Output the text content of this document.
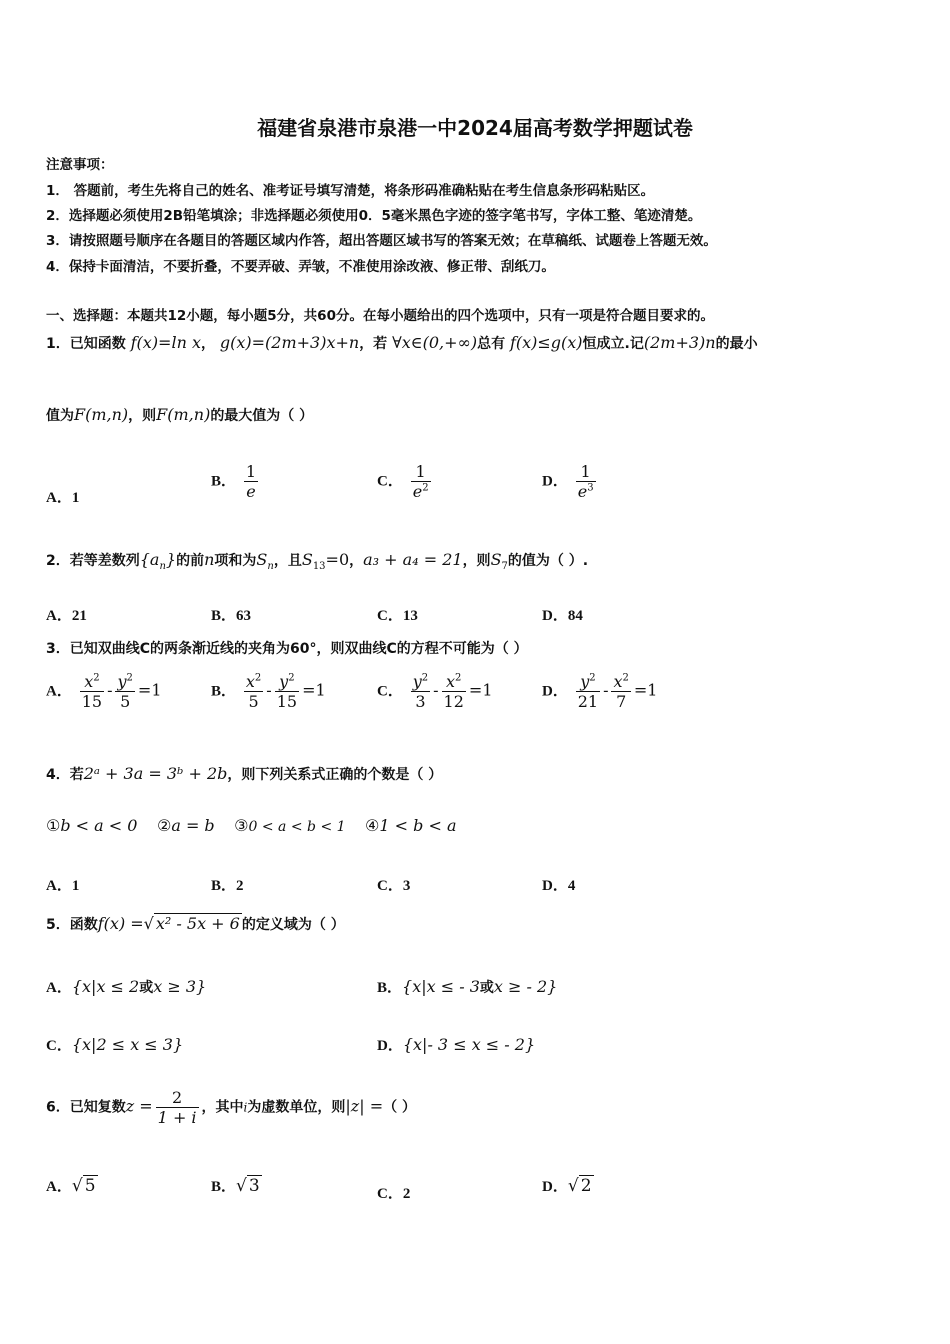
福建省泉港市泉港一中2024届高考数学押题试卷
注意事项：
1． 答题前，考生先将自己的姓名、准考证号填写清楚，将条形码准确粘贴在考生信息条形码粘贴区。
2．选择题必须使用2B铅笔填涂；非选择题必须使用0．5毫米黑色字迹的签字笔书写，字体工整、笔迹清楚。
3．请按照题号顺序在各题目的答题区域内作答，超出答题区域书写的答案无效；在草稿纸、试题卷上答题无效。
4．保持卡面清洁，不要折叠，不要弄破、弄皱，不准使用涂改液、修正带、刮纸刀。
一、选择题：本题共12小题，每小题5分，共60分。在每小题给出的四个选项中，只有一项是符合题目要求的。
1．已知函数 f(x)=ln x， g(x)=(2m+3)x+n，若 ∀x∈(0,+∞)总有 f(x)≤g(x)恒成立.记(2m+3)n的最小
值为F(m,n)，则F(m,n)的最大值为（ ）
A．1
B． $\frac{1}{e}$	C． $\frac{1}{e^2}$	D． $\frac{1}{e^3}$
2．若等差数列$\{a_n\}$的前n项和为$S_n$，且$S_{13}=0$，a₃ + a₄ = 21，则$S_7$的值为（ ）.
A．21	B．63	C．13	D．84
3．已知双曲线C的两条渐近线的夹角为60°，则双曲线C的方程不可能为（ ）
A． $\frac{x^2}{15} - \frac{y^2}{5} =1$	B． $\frac{x^2}{5} - \frac{y^2}{15} =1$	C． $\frac{y^2}{3} - \frac{x^2}{12} =1$	D． $\frac{y^2}{21} - \frac{x^2}{7} =1$
4．若2ᵃ + 3a = 3ᵇ + 2b，则下列关系式正确的个数是（ ）
①b < a < 0 ②a = b ③0 < a < b < 1 ④1 < b < a
A．1	B．2	C．3	D．4
5．函数f(x) =√ x² - 5x + 6 的定义域为（ ）
A．{x|x ≤ 2或x ≥ 3}	B．{x|x ≤ - 3或x ≥ - 2}
C．{x|2 ≤ x ≤ 3}	D．{x|- 3 ≤ x ≤ - 2}
6．已知复数$z = \frac{2}{1 + i}$ ，其中i为虚数单位，则|z| =（ ）
A．√ 5	B．√ 3	C．2	D．√ 2
